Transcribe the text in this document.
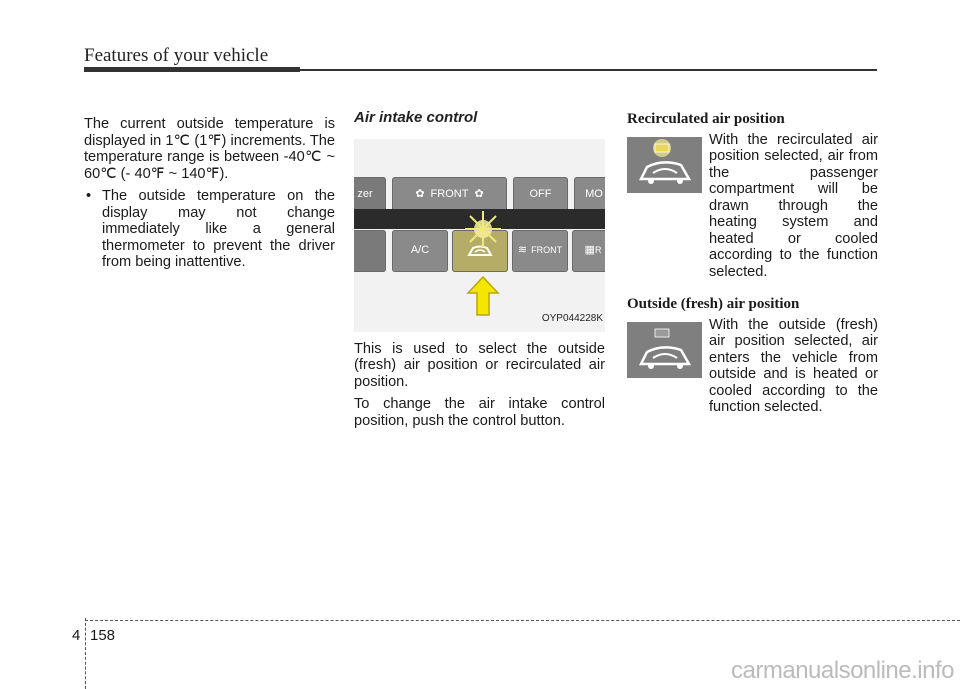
Features of your vehicle

The current outside temperature is displayed in 1℃ (1℉) increments. The temperature range is between -40℃ ~ 60℃ (- 40℉ ~ 140℉).

• The outside temperature on the display may not change immediately like a general thermometer to prevent the driver from being inattentive.
Air intake control
zer	✿ FRONT ✿	OFF	MO
A/C	≋ FRONT ▦ R
OYP044228K

This is used to select the outside (fresh) air position or recirculated air position.

To change the air intake control position, push the control button.

Recirculated air position

With the recirculated air position selected, air from the passenger compartment will be drawn through the heating system and heated or cooled according to the function selected.

Outside (fresh) air position

With the outside (fresh) air position selected, air enters the vehicle from outside and is heated or cooled according to the function selected.

4 158
carmanualsonline.info
